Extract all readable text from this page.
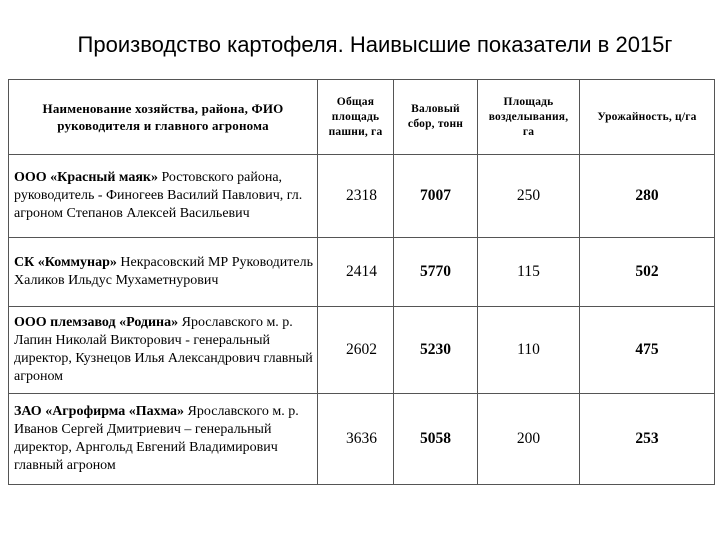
Производство картофеля. Наивысшие показатели в 2015г
Наименование хозяйства, района, ФИО руководителя и главного агронома	Общая площадь пашни, га	Валовый сбор, тонн	Площадь возделывания, га	Урожайность, ц/га
ООО «Красный маяк» Ростовского района, руководитель - Финогеев Василий Павлович, гл. агроном Степанов Алексей Васильевич	2318	7007	250	280
СК «Коммунар» Некрасовский МР Руководитель Халиков Ильдус Мухаметнурович	2414	5770	115	502
ООО племзавод «Родина» Ярославского м. р. Лапин Николай Викторович - генеральный директор, Кузнецов Илья Александрович главный агроном	2602	5230	110	475
ЗАО «Агрофирма «Пахма» Ярославского м. р. Иванов Сергей Дмитриевич – генеральный директор, Арнгольд Евгений Владимирович главный агроном	3636	5058	200	253
